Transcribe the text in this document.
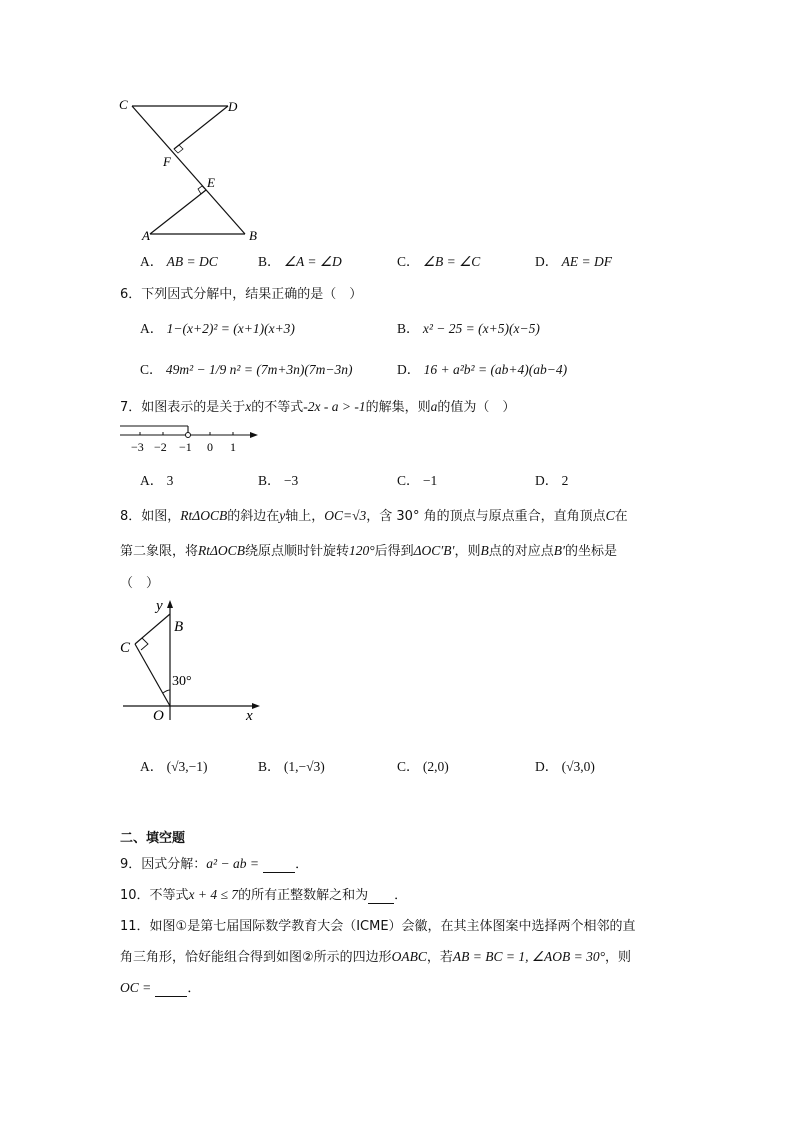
C	D
F
E
A	B
A． AB = DC	B． ∠A = ∠D	C． ∠B = ∠C	D． AE = DF
6．下列因式分解中，结果正确的是（　）
A． 1−(x+2)² = (x+1)(x+3)	B． x² − 25 = (x+5)(x−5)
C． 49m² − 1/9 n² = (7m+3n)(7m−3n)	D． 16 + a²b² = (ab+4)(ab−4)
7．如图表示的是关于x的不等式-2x - a > -1的解集，则a的值为（　）
−3 −2 −1 0 1
A． 3	B． −3	C． −1	D． 2
8．如图，RtΔOCB的斜边在y轴上，OC=√3，含 30° 角的顶点与原点重合，直角顶点C在
第二象限，将RtΔOCB绕原点顺时针旋转120°后得到ΔOC′B′，则B点的对应点B′的坐标是
（　）
y
B
C
30°
O	x
A． (√3,−1)	B． (1,−√3)	C． (2,0)	D． (√3,0)
二、填空题
9．因式分解：a² − ab =	．
10．不等式x + 4 ≤ 7的所有正整数解之和为 ．
11．如图①是第七届国际数学教育大会（ICME）会徽，在其主体图案中选择两个相邻的直
角三角形，恰好能组合得到如图②所示的四边形OABC，若AB = BC = 1, ∠AOB = 30°，则
OC =	．
